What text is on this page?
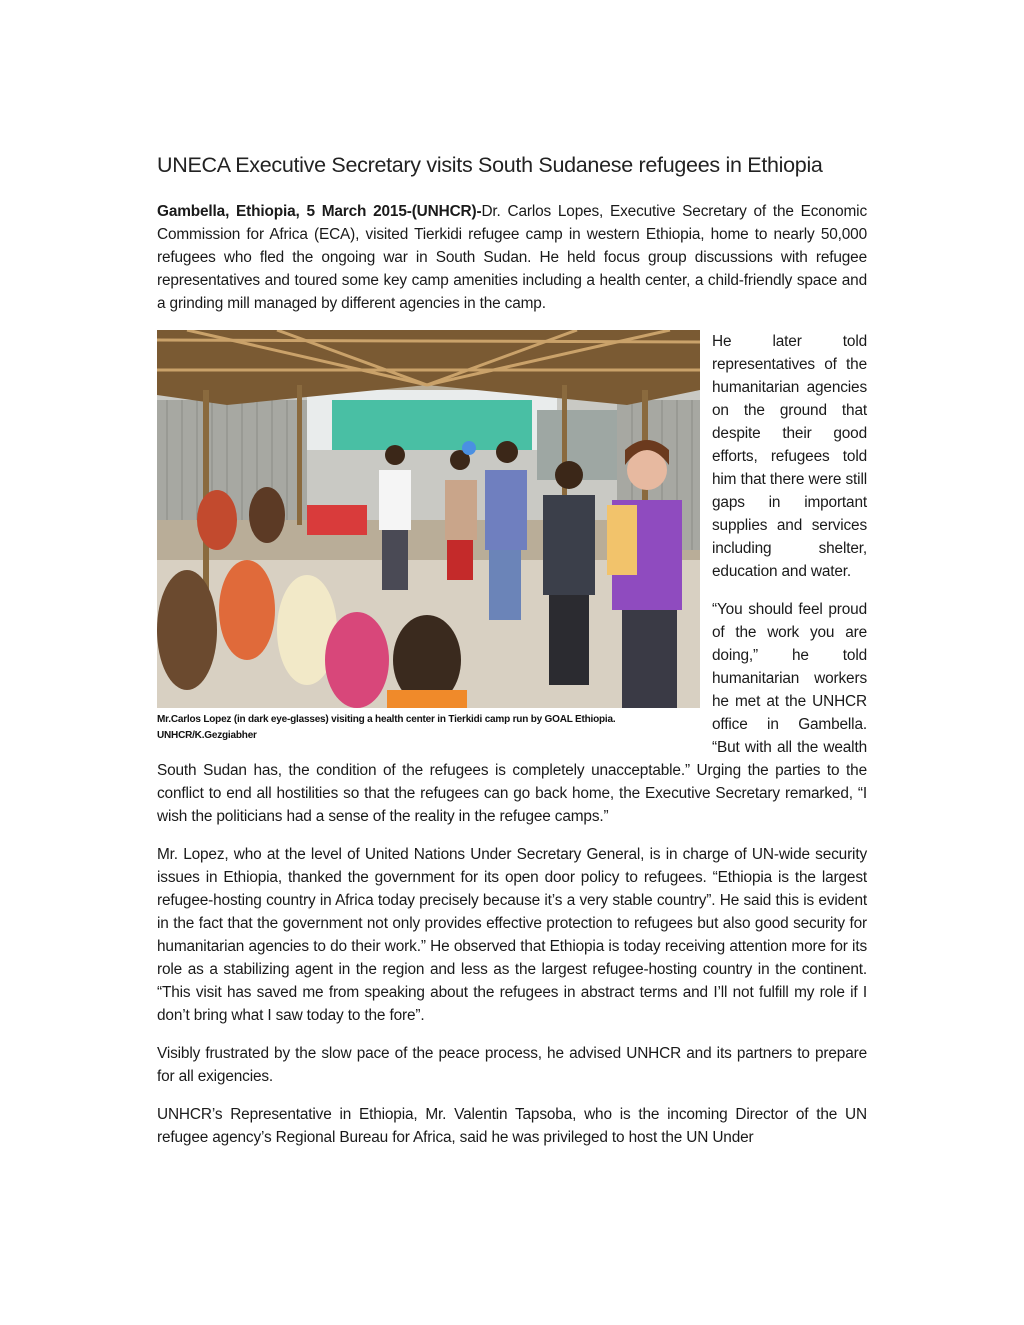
UNECA Executive Secretary visits South Sudanese refugees in Ethiopia

Gambella, Ethiopia, 5 March 2015-(UNHCR)-Dr. Carlos Lopes, Executive Secretary of the Economic Commission for Africa (ECA), visited Tierkidi refugee camp in western Ethiopia, home to nearly 50,000 refugees who fled the ongoing war in South Sudan. He held focus group discussions with refugee representatives and toured some key camp amenities including a health center, a child-friendly space and a grinding mill managed by different agencies in the camp.

Mr.Carlos Lopez (in dark eye-glasses) visiting a health center in Tierkidi camp run by GOAL Ethiopia.
UNHCR/K.Gezgiabher

He later told representatives of the humanitarian agencies on the ground that despite their good efforts, refugees told him that there were still gaps in important supplies and services including shelter, education and water.

“You should feel proud of the work you are doing,” he told humanitarian workers he met at the UNHCR office in Gambella. “But with all the wealth South Sudan has, the condition of the refugees is completely unacceptable.” Urging the parties to the conflict to end all hostilities so that the refugees can go back home, the Executive Secretary remarked, “I wish the politicians had a sense of the reality in the refugee camps.”

Mr. Lopez, who at the level of United Nations Under Secretary General, is in charge of UN-wide security issues in Ethiopia, thanked the government for its open door policy to refugees. “Ethiopia is the largest refugee-hosting country in Africa today precisely because it’s a very stable country”. He said this is evident in the fact that the government not only provides effective protection to refugees but also good security for humanitarian agencies to do their work.” He observed that Ethiopia is today receiving attention more for its role as a stabilizing agent in the region and less as the largest refugee-hosting country in the continent. “This visit has saved me from speaking about the refugees in abstract terms and I’ll not fulfill my role if I don’t bring what I saw today to the fore”.

Visibly frustrated by the slow pace of the peace process, he advised UNHCR and its partners to prepare for all exigencies.

UNHCR’s Representative in Ethiopia, Mr. Valentin Tapsoba, who is the incoming Director of the UN refugee agency’s Regional Bureau for Africa, said he was privileged to host the UN Under
